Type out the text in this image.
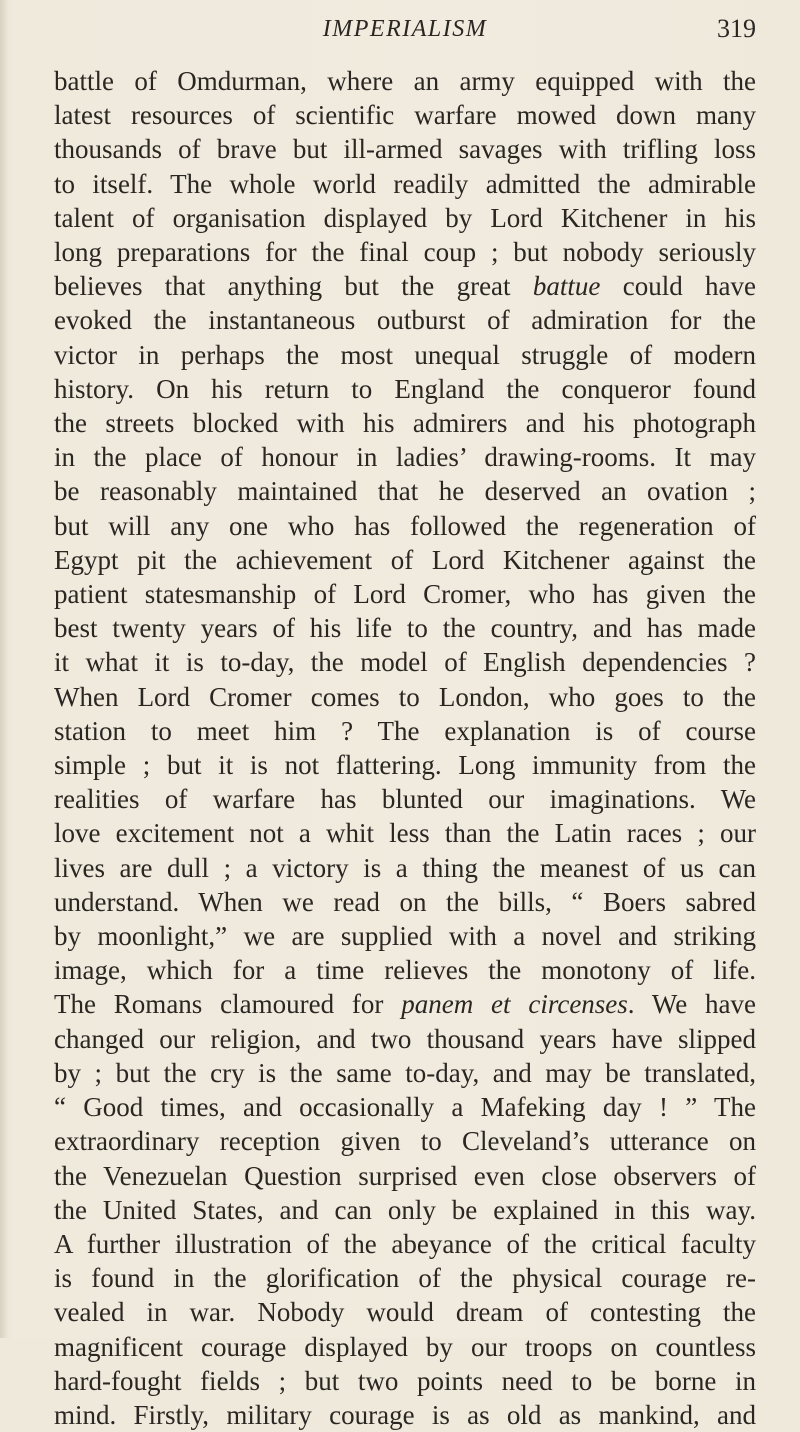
IMPERIALISM	319
battle of Omdurman, where an army equipped with the
latest resources of scientific warfare mowed down many
thousands of brave but ill-armed savages with trifling loss
to itself. The whole world readily admitted the admirable
talent of organisation displayed by Lord Kitchener in his
long preparations for the final coup ; but nobody seriously
believes that anything but the great battue could have
evoked the instantaneous outburst of admiration for the
victor in perhaps the most unequal struggle of modern
history. On his return to England the conqueror found
the streets blocked with his admirers and his photograph
in the place of honour in ladies’ drawing-rooms. It may
be reasonably maintained that he deserved an ovation ;
but will any one who has followed the regeneration of
Egypt pit the achievement of Lord Kitchener against the
patient statesmanship of Lord Cromer, who has given the
best twenty years of his life to the country, and has made
it what it is to-day, the model of English dependencies ?
When Lord Cromer comes to London, who goes to the
station to meet him ? The explanation is of course
simple ; but it is not flattering. Long immunity from the
realities of warfare has blunted our imaginations. We
love excitement not a whit less than the Latin races ; our
lives are dull ; a victory is a thing the meanest of us can
understand. When we read on the bills, “ Boers sabred
by moonlight,” we are supplied with a novel and striking
image, which for a time relieves the monotony of life.
The Romans clamoured for panem et circenses. We have
changed our religion, and two thousand years have slipped
by ; but the cry is the same to-day, and may be translated,
“ Good times, and occasionally a Mafeking day ! ” The
extraordinary reception given to Cleveland’s utterance on
the Venezuelan Question surprised even close observers of
the United States, and can only be explained in this way.
A further illustration of the abeyance of the critical faculty
is found in the glorification of the physical courage re-
vealed in war. Nobody would dream of contesting the
magnificent courage displayed by our troops on countless
hard-fought fields ; but two points need to be borne in
mind. Firstly, military courage is as old as mankind, and
